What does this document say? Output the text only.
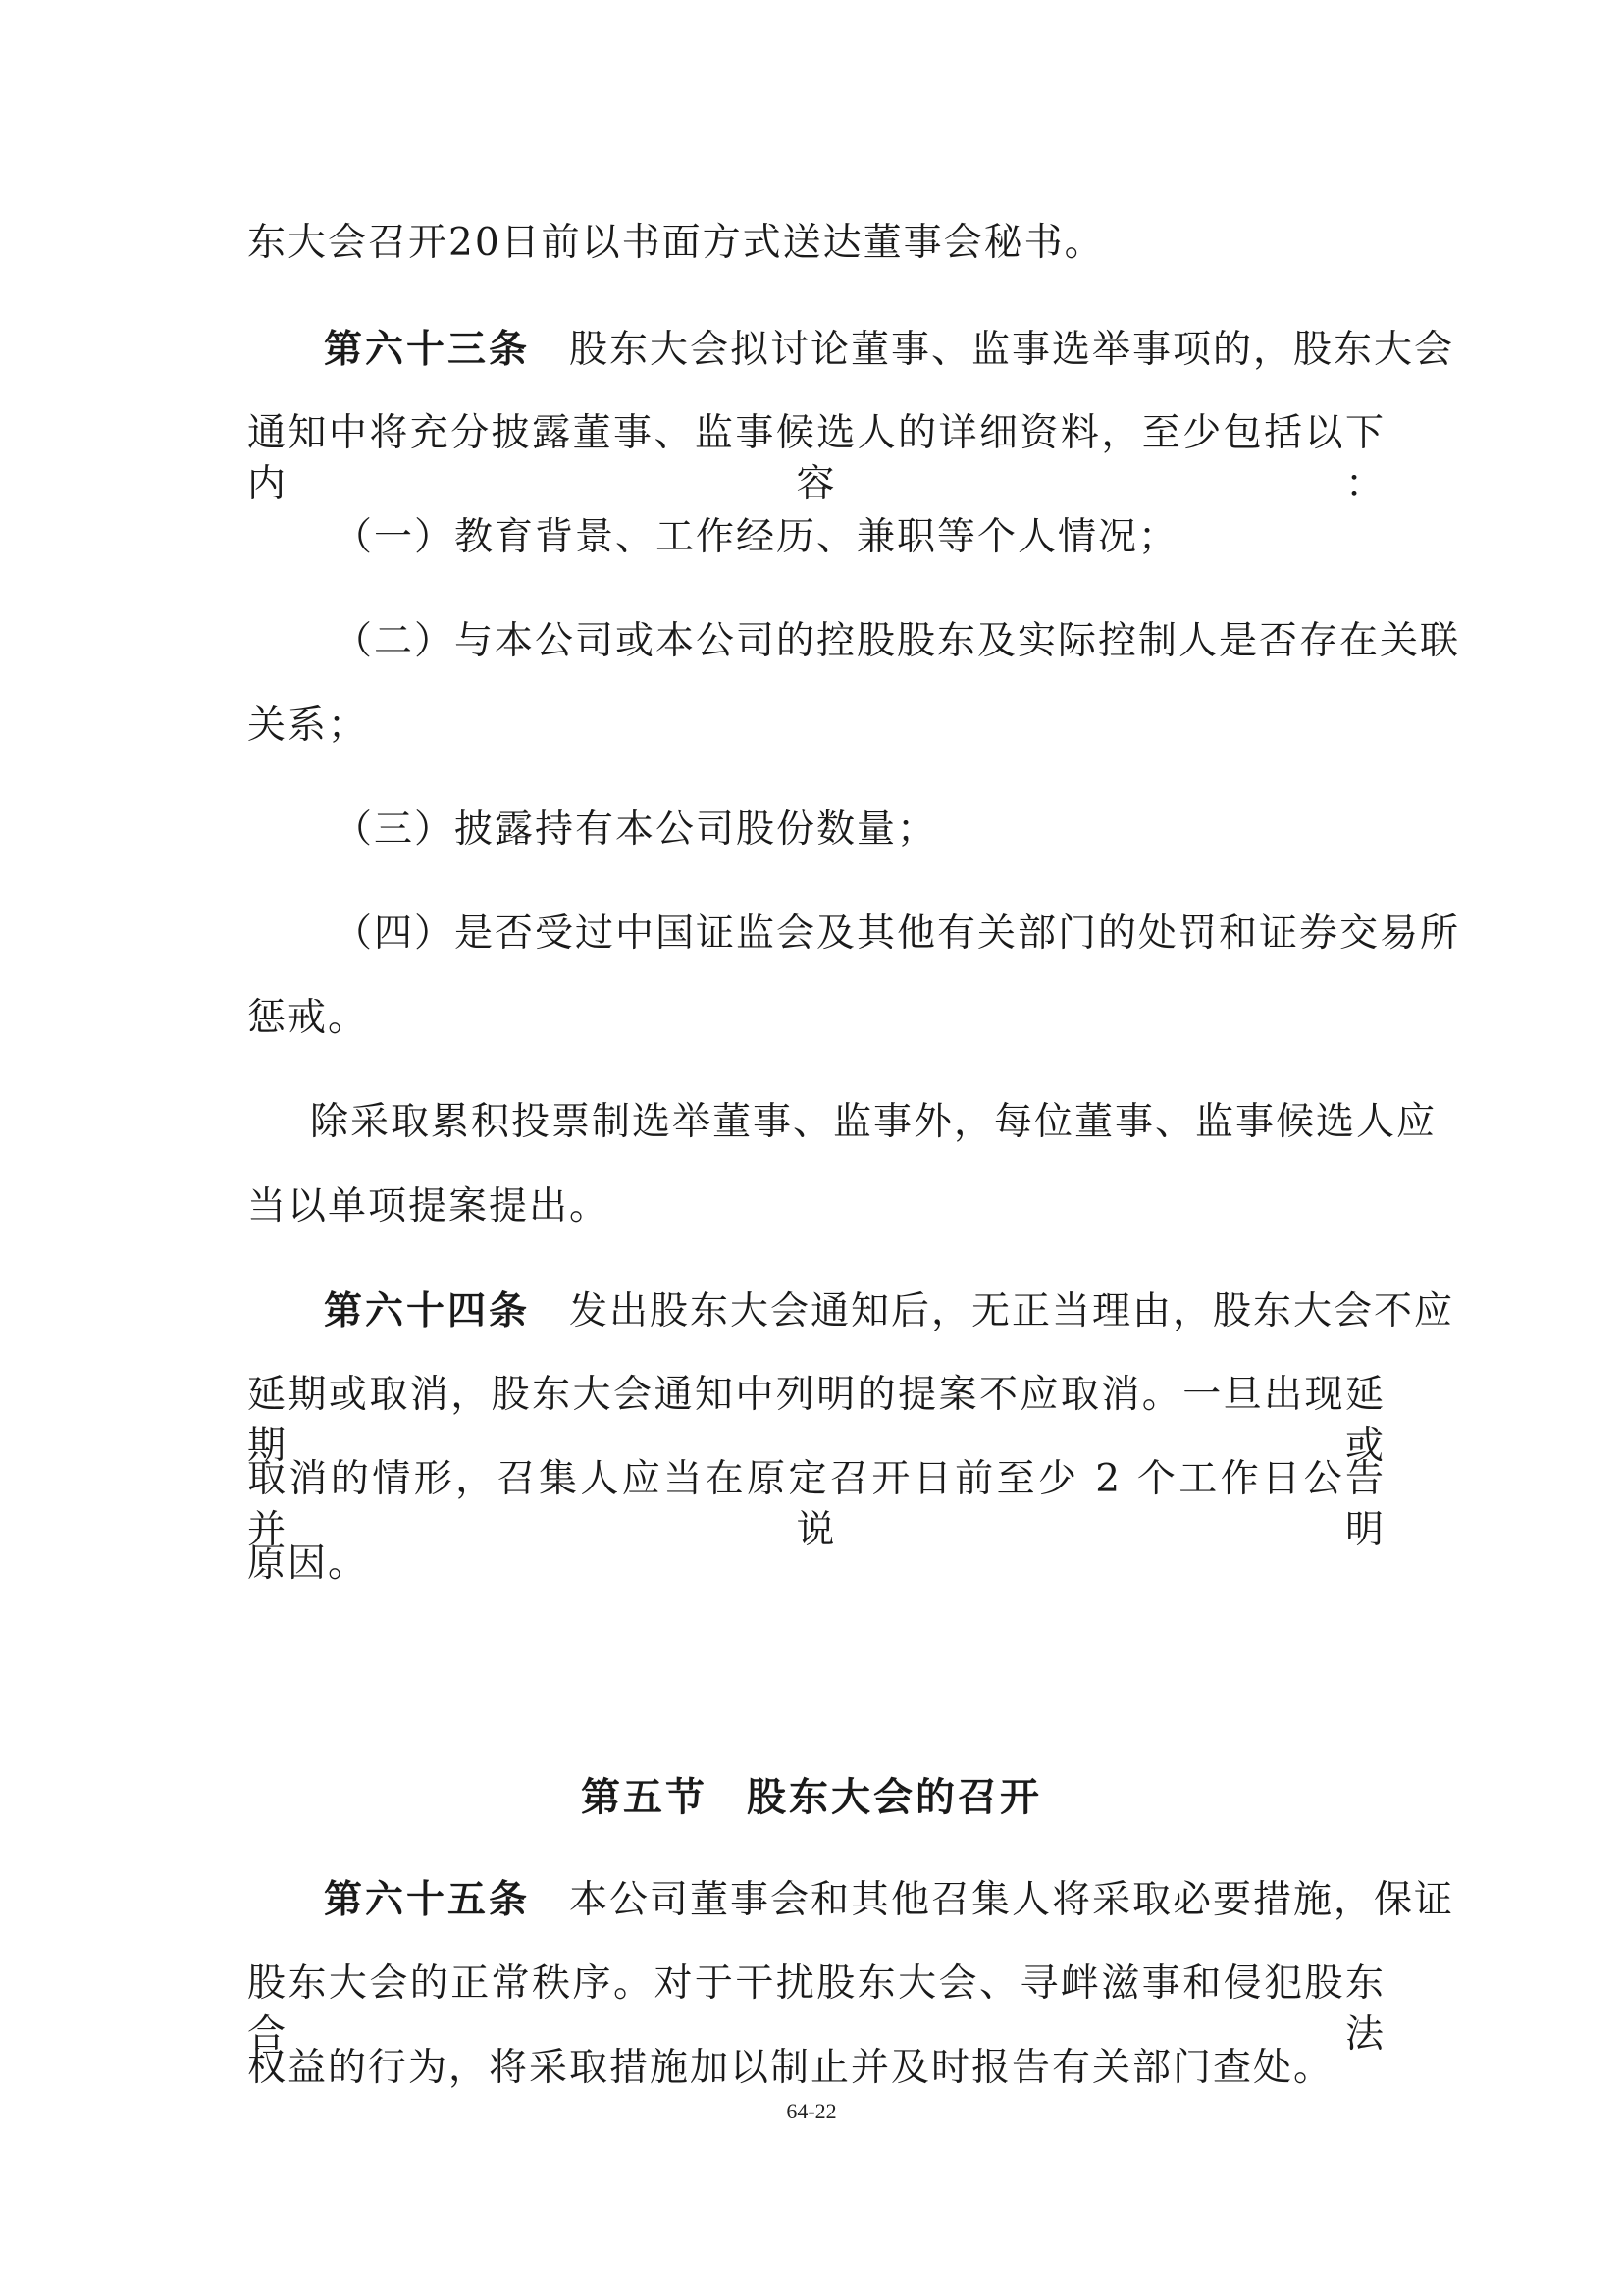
东大会召开20日前以书面方式送达董事会秘书。
第六十三条 股东大会拟讨论董事、监事选举事项的，股东大会
通知中将充分披露董事、监事候选人的详细资料，至少包括以下内容：
（一）教育背景、工作经历、兼职等个人情况；
（二）与本公司或本公司的控股股东及实际控制人是否存在关联
关系；
（三）披露持有本公司股份数量；
（四）是否受过中国证监会及其他有关部门的处罚和证券交易所
惩戒。
除采取累积投票制选举董事、监事外，每位董事、监事候选人应
当以单项提案提出。
第六十四条 发出股东大会通知后，无正当理由，股东大会不应
延期或取消，股东大会通知中列明的提案不应取消。一旦出现延期或
取消的情形，召集人应当在原定召开日前至少 2 个工作日公告并说明
原因。
第五节 股东大会的召开
第六十五条 本公司董事会和其他召集人将采取必要措施，保证
股东大会的正常秩序。对于干扰股东大会、寻衅滋事和侵犯股东合法
权益的行为，将采取措施加以制止并及时报告有关部门查处。
64-22
